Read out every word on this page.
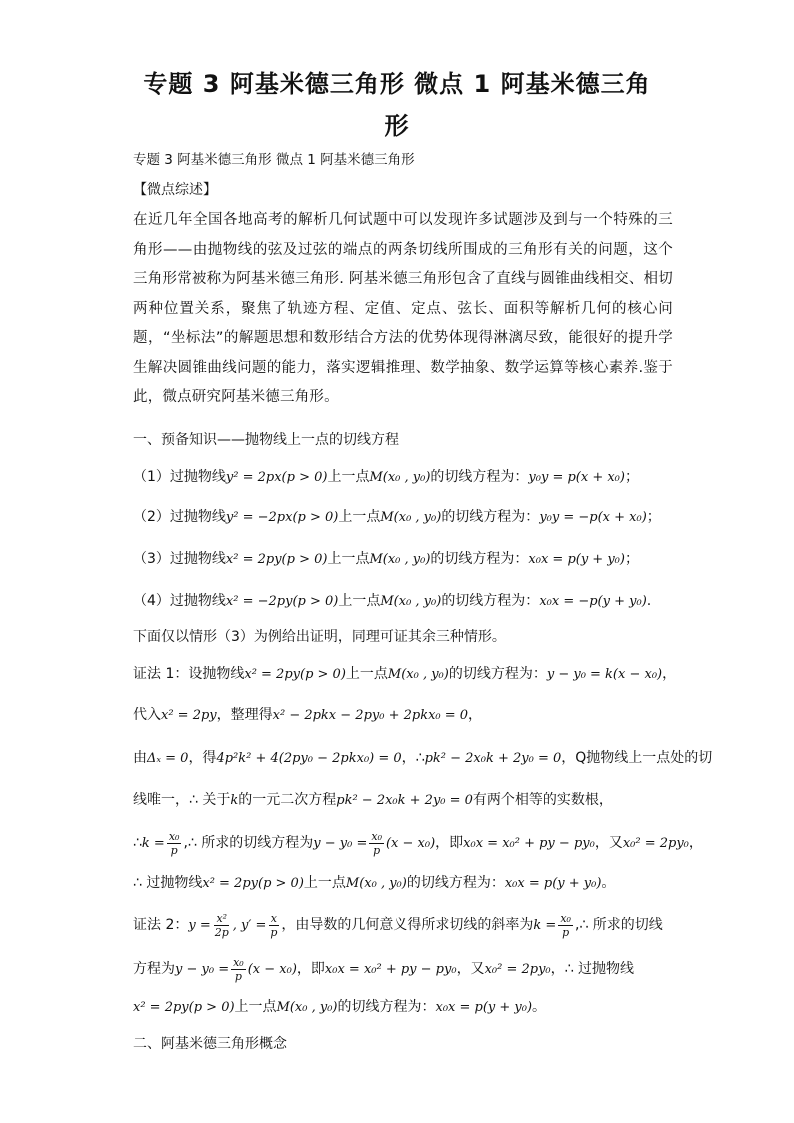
专题 3 阿基米德三角形 微点 1 阿基米德三角
形
专题 3 阿基米德三角形 微点 1 阿基米德三角形
【微点综述】
在近几年全国各地高考的解析几何试题中可以发现许多试题涉及到与一个特殊的三角形——由抛物线的弦及过弦的端点的两条切线所围成的三角形有关的问题，这个三角形常被称为阿基米德三角形. 阿基米德三角形包含了直线与圆锥曲线相交、相切两种位置关系，聚焦了轨迹方程、定值、定点、弦长、面积等解析几何的核心问题，“坐标法”的解题思想和数形结合方法的优势体现得淋漓尽致，能很好的提升学生解决圆锥曲线问题的能力，落实逻辑推理、数学抽象、数学运算等核心素养.鉴于此，微点研究阿基米德三角形。
一、预备知识——抛物线上一点的切线方程
（1）过抛物线y² = 2px(p > 0)上一点M(x₀ , y₀)的切线方程为：y₀y = p(x + x₀)；
（2）过抛物线y² = −2px(p > 0)上一点M(x₀ , y₀)的切线方程为：y₀y = −p(x + x₀)；
（3）过抛物线x² = 2py(p > 0)上一点M(x₀ , y₀)的切线方程为：x₀x = p(y + y₀)；
（4）过抛物线x² = −2py(p > 0)上一点M(x₀ , y₀)的切线方程为：x₀x = −p(y + y₀).
下面仅以情形（3）为例给出证明，同理可证其余三种情形。
证法 1：设抛物线x² = 2py(p > 0)上一点M(x₀ , y₀)的切线方程为：y − y₀ = k(x − x₀)，
代入x² = 2py，整理得x² − 2pkx − 2py₀ + 2pkx₀ = 0，
由Δₓ = 0，得4p²k² + 4(2py₀ − 2pkx₀) = 0，∴pk² − 2x₀k + 2y₀ = 0，Q抛物线上一点处的切
线唯一，∴ 关于k的一元二次方程pk² − 2x₀k + 2y₀ = 0有两个相等的实数根，
∴k = $\frac{\text{x₀}}{p}$ ,∴ 所求的切线方程为$y - y_0 = \frac{\text{x₀}}{p} (x - x_0)$，即x₀x = x₀² + py − py₀，又x₀² = 2py₀，
∴ 过抛物线x² = 2py(p > 0)上一点M(x₀ , y₀)的切线方程为：x₀x = p(y + y₀)。
证法 2：$y = \frac{\text{x²}}{2p}$ , $y' = \frac{x}{p}$ ，由导数的几何意义得所求切线的斜率为$k = \frac{\text{x₀}}{p}$ ,∴ 所求的切线
方程为$y - y_0 = \frac{\text{x₀}}{p} (x - x_0)$，即x₀x = x₀² + py − py₀，又x₀² = 2py₀，∴ 过抛物线
x² = 2py(p > 0)上一点M(x₀ , y₀)的切线方程为：x₀x = p(y + y₀)。
二、阿基米德三角形概念
